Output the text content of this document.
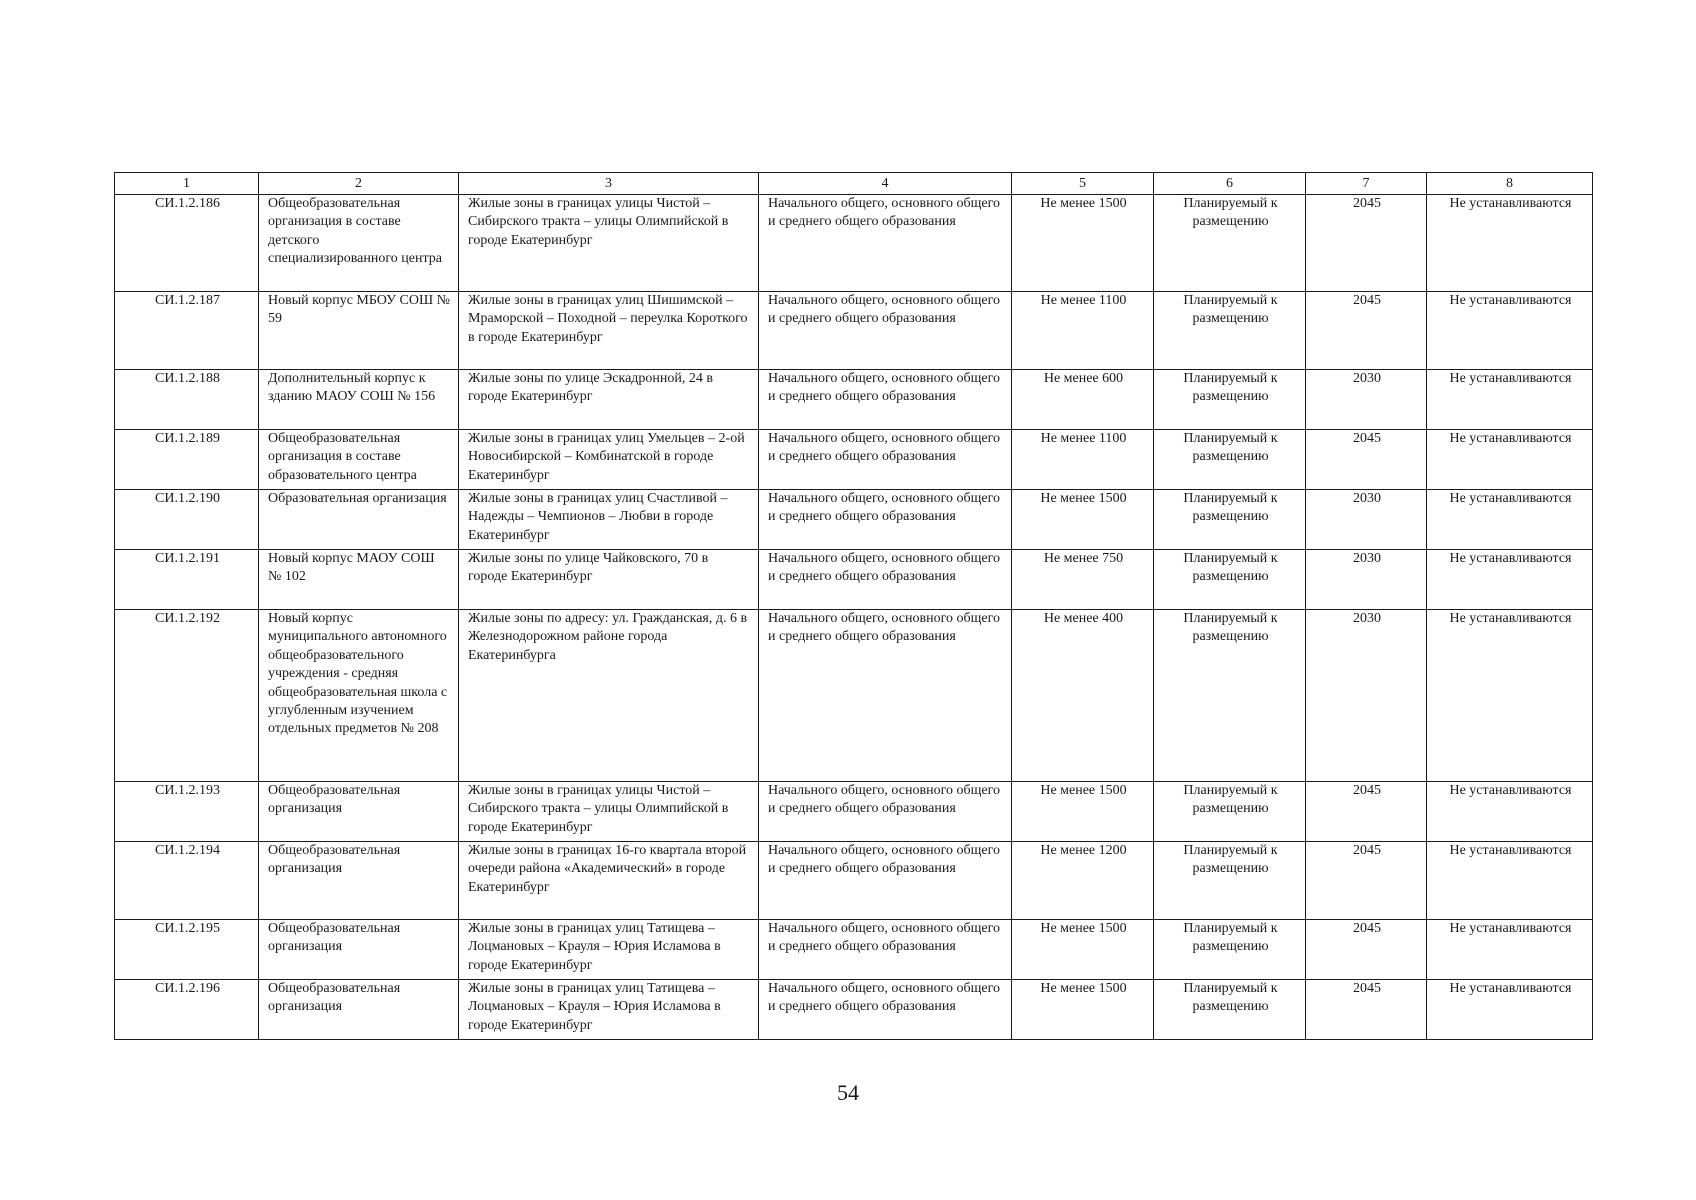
1	2	3	4	5	6	7	8
СИ.1.2.186	Общеобразовательная организация в составе детского специализированного центра	Жилые зоны в границах улицы Чистой – Сибирского тракта – улицы Олимпийской в городе Екатеринбург	Начального общего, основного общего и среднего общего образования	Не менее 1500	Планируемый к размещению	2045	Не устанавливаются
СИ.1.2.187	Новый корпус МБОУ СОШ № 59	Жилые зоны в границах улиц Шишимской – Мраморской – Походной – переулка Короткого в городе Екатеринбург	Начального общего, основного общего и среднего общего образования	Не менее 1100	Планируемый к размещению	2045	Не устанавливаются
СИ.1.2.188	Дополнительный корпус к зданию МАОУ СОШ № 156	Жилые зоны по улице Эскадронной, 24 в городе Екатеринбург	Начального общего, основного общего и среднего общего образования	Не менее 600	Планируемый к размещению	2030	Не устанавливаются
СИ.1.2.189	Общеобразовательная организация в составе образовательного центра	Жилые зоны в границах улиц Умельцев – 2-ой Новосибирской – Комбинатской в городе Екатеринбург	Начального общего, основного общего и среднего общего образования	Не менее 1100	Планируемый к размещению	2045	Не устанавливаются
СИ.1.2.190	Образовательная организация	Жилые зоны в границах улиц Счастливой – Надежды – Чемпионов – Любви в городе Екатеринбург	Начального общего, основного общего и среднего общего образования	Не менее 1500	Планируемый к размещению	2030	Не устанавливаются
СИ.1.2.191	Новый корпус МАОУ СОШ № 102	Жилые зоны по улице Чайковского, 70 в городе Екатеринбург	Начального общего, основного общего и среднего общего образования	Не менее 750	Планируемый к размещению	2030	Не устанавливаются
СИ.1.2.192	Новый корпус муниципального автономного общеобразовательного учреждения - средняя общеобразовательная школа с углубленным изучением отдельных предметов № 208	Жилые зоны по адресу: ул. Гражданская, д. 6 в Железнодорожном районе города Екатеринбурга	Начального общего, основного общего и среднего общего образования	Не менее 400	Планируемый к размещению	2030	Не устанавливаются
СИ.1.2.193	Общеобразовательная организация	Жилые зоны в границах улицы Чистой – Сибирского тракта – улицы Олимпийской в городе Екатеринбург	Начального общего, основного общего и среднего общего образования	Не менее 1500	Планируемый к размещению	2045	Не устанавливаются
СИ.1.2.194	Общеобразовательная организация	Жилые зоны в границах 16-го квартала второй очереди района «Академический» в городе Екатеринбург	Начального общего, основного общего и среднего общего образования	Не менее 1200	Планируемый к размещению	2045	Не устанавливаются
СИ.1.2.195	Общеобразовательная организация	Жилые зоны в границах улиц Татищева – Лоцмановых – Крауля – Юрия Исламова в городе Екатеринбург	Начального общего, основного общего и среднего общего образования	Не менее 1500	Планируемый к размещению	2045	Не устанавливаются
СИ.1.2.196	Общеобразовательная организация	Жилые зоны в границах улиц Татищева – Лоцмановых – Крауля – Юрия Исламова в городе Екатеринбург	Начального общего, основного общего и среднего общего образования	Не менее 1500	Планируемый к размещению	2045	Не устанавливаются
54
